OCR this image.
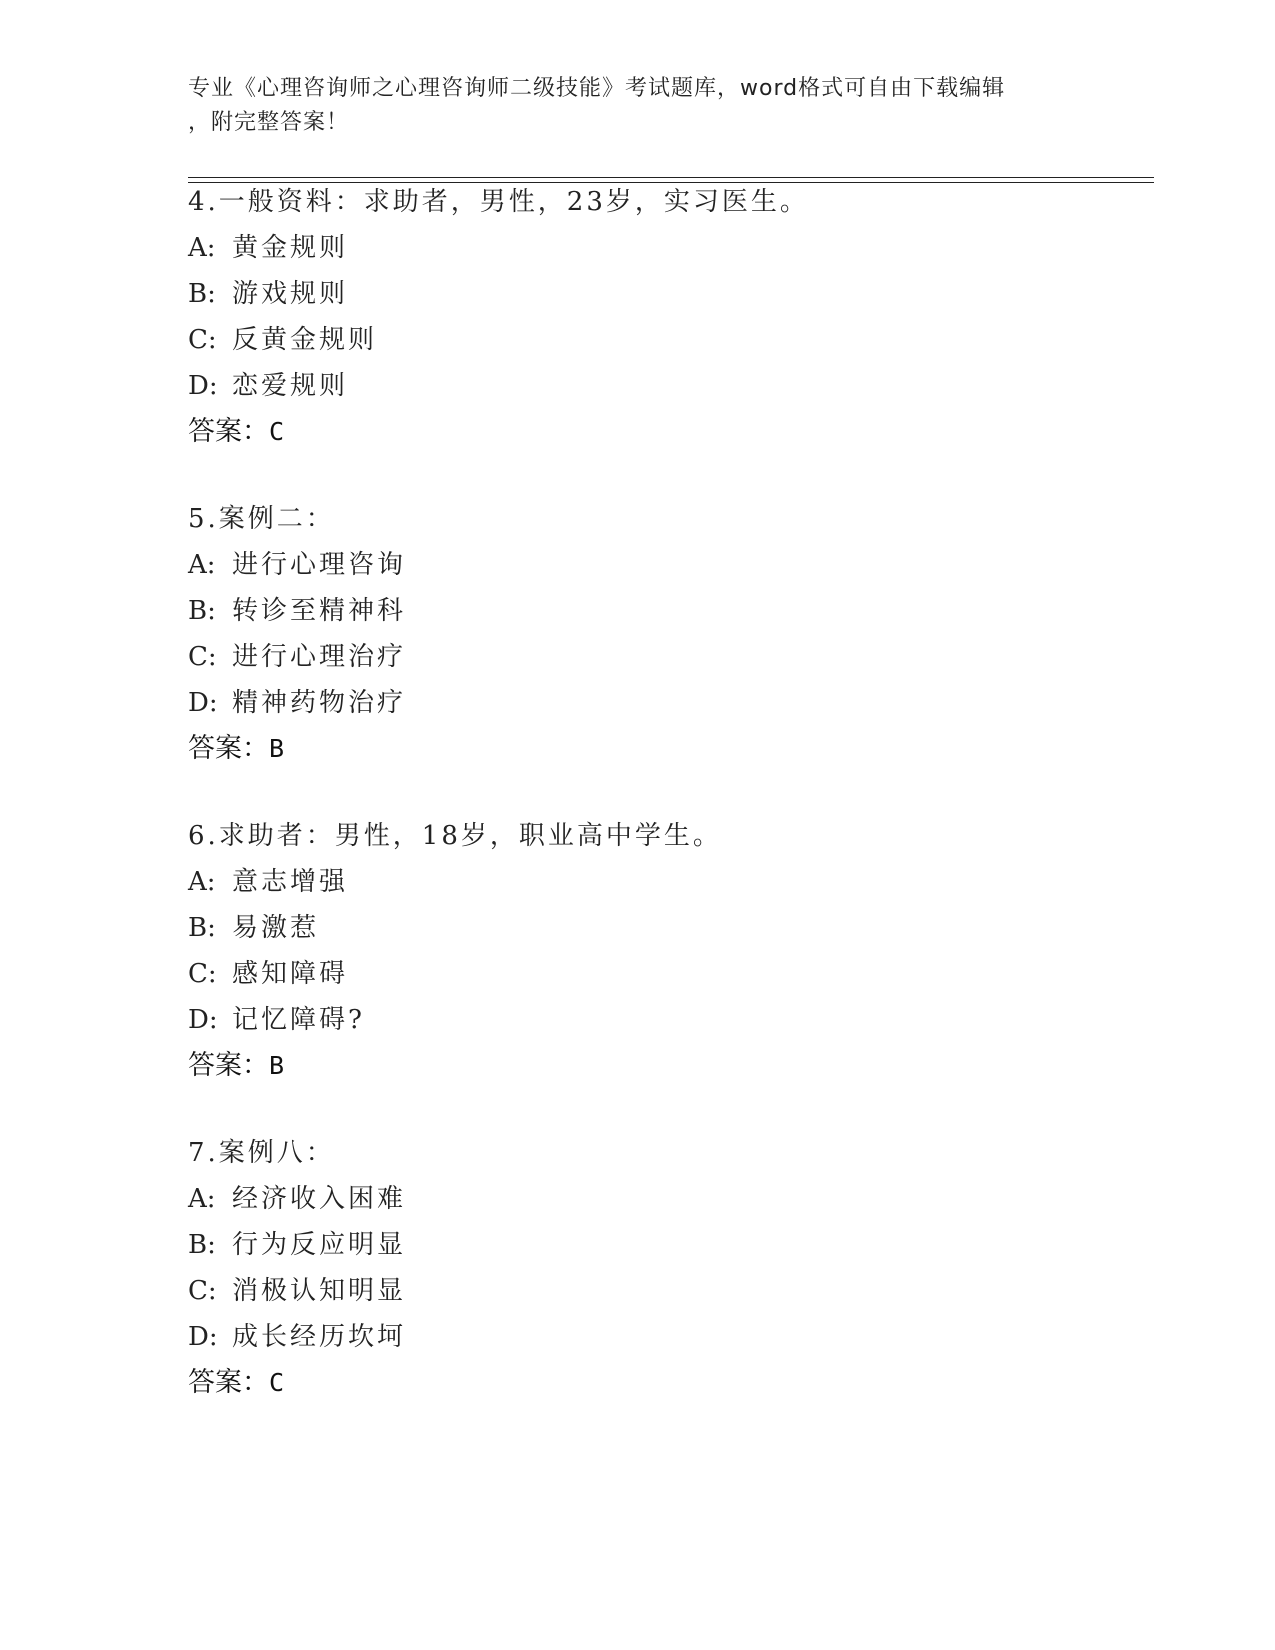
专业《心理咨询师之心理咨询师二级技能》考试题库，word格式可自由下载编辑
，附完整答案！
4.一般资料：求助者，男性，23岁，实习医生。
A: 黄金规则
B: 游戏规则
C: 反黄金规则
D: 恋爱规则
答案：C
5.案例二：
A: 进行心理咨询
B: 转诊至精神科
C: 进行心理治疗
D: 精神药物治疗
答案：B
6.求助者：男性，18岁，职业高中学生。
A: 意志增强
B: 易激惹
C: 感知障碍
D: 记忆障碍?
答案：B
7.案例八：
A: 经济收入困难
B: 行为反应明显
C: 消极认知明显
D: 成长经历坎坷
答案：C
